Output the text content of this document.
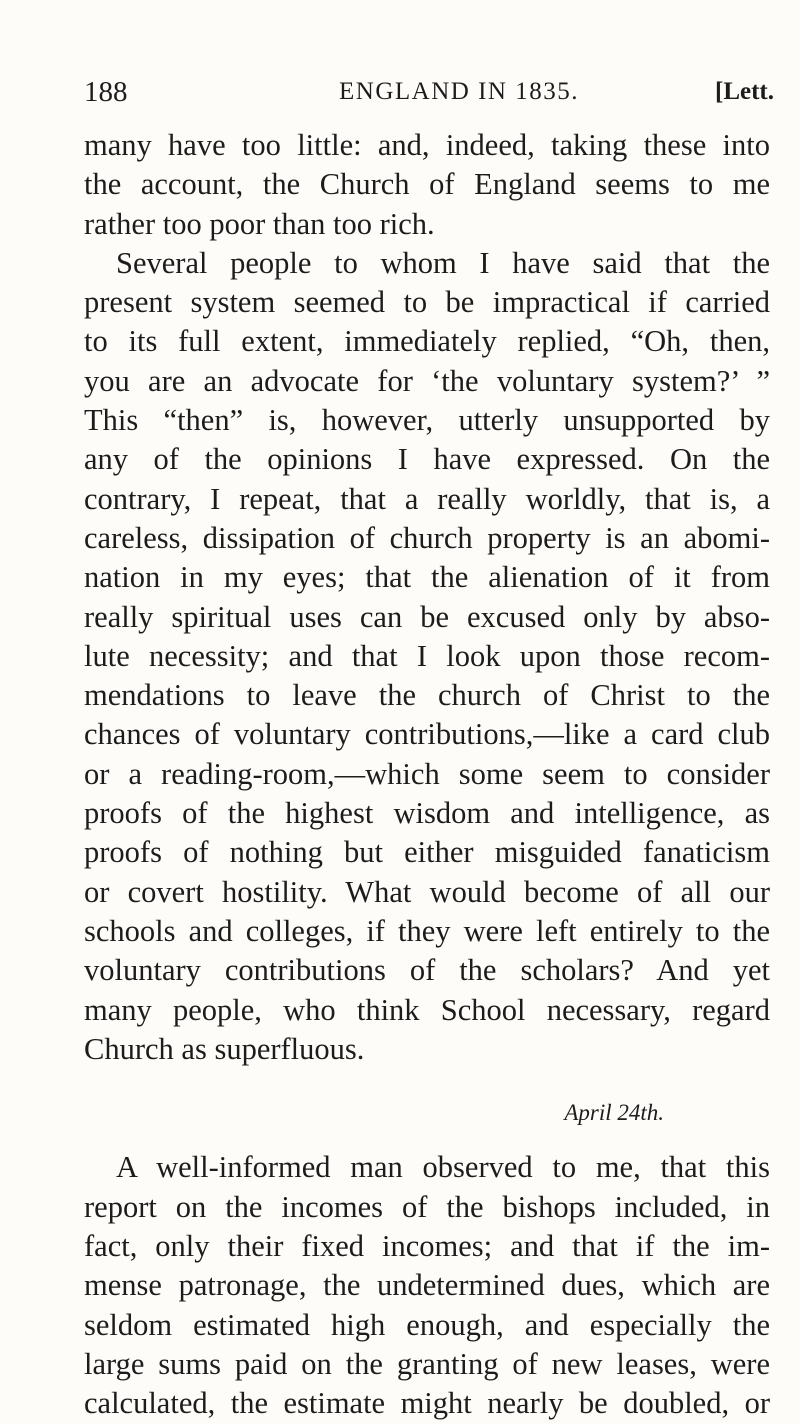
188	ENGLAND IN 1835.	[Lett.
many have too little: and, indeed, taking these into
the account, the Church of England seems to me
rather too poor than too rich.
Several people to whom I have said that the
present system seemed to be impractical if carried
to its full extent, immediately replied, “Oh, then,
you are an advocate for ‘the voluntary system?’ ”
This “then” is, however, utterly unsupported by
any of the opinions I have expressed. On the
contrary, I repeat, that a really worldly, that is, a
careless, dissipation of church property is an abomi-
nation in my eyes; that the alienation of it from
really spiritual uses can be excused only by abso-
lute necessity; and that I look upon those recom-
mendations to leave the church of Christ to the
chances of voluntary contributions,—like a card club
or a reading-room,—which some seem to consider
proofs of the highest wisdom and intelligence, as
proofs of nothing but either misguided fanaticism
or covert hostility. What would become of all our
schools and colleges, if they were left entirely to the
voluntary contributions of the scholars? And yet
many people, who think School necessary, regard
Church as superfluous.
April 24th.
A well-informed man observed to me, that this
report on the incomes of the bishops included, in
fact, only their fixed incomes; and that if the im-
mense patronage, the undetermined dues, which are
seldom estimated high enough, and especially the
large sums paid on the granting of new leases, were
calculated, the estimate might nearly be doubled, or
